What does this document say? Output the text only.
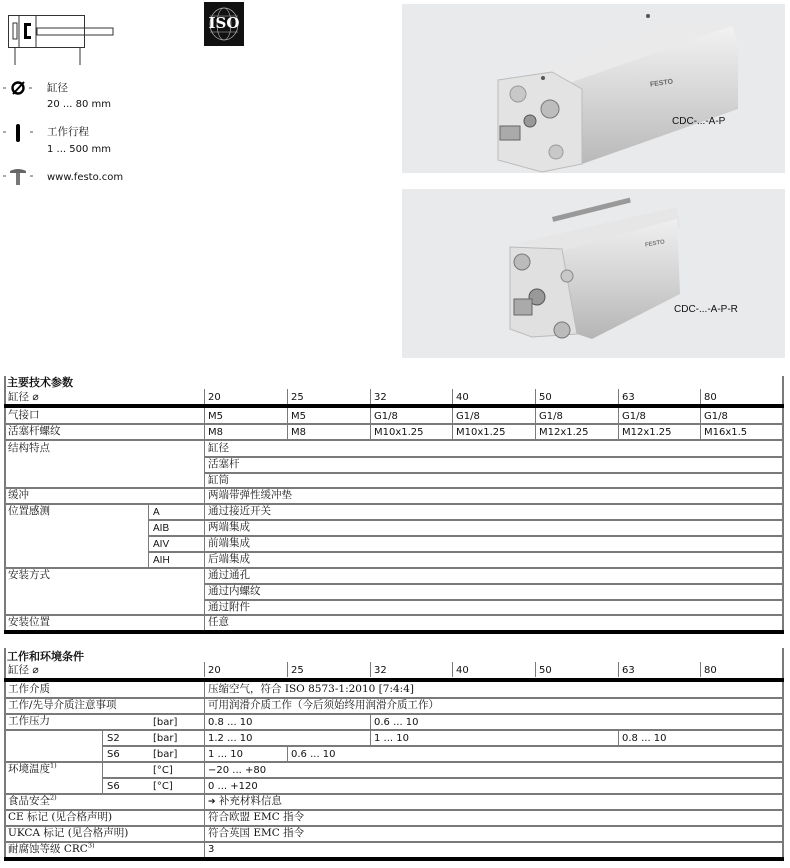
ISO
缸径
20 ... 80 mm
工作行程
1 ... 500 mm
www.festo.com
FESTO
CDC-...-A-P
FESTO
CDC-...-A-P-R
主要技术参数
缸径 ⌀	20	25	32	40	50	63	80
气接口	M5	M5	G1/8	G1/8	G1/8	G1/8	G1/8
活塞杆螺纹	M8	M8	M10x1.25	M10x1.25	M12x1.25	M12x1.25	M16x1.5
结构特点	缸径
活塞杆
缸筒
缓冲	两端带弹性缓冲垫
位置感测	A	通过接近开关
AIB	两端集成
AIV	前端集成
AIH	后端集成
安装方式	通过通孔
通过内螺纹
通过附件
安装位置	任意
工作和环境条件
缸径 ⌀	20	25	32	40	50	63	80
工作介质	压缩空气，符合 ISO 8573-1:2010 [7:4:4]
工作/先导介质注意事项	可用润滑介质工作（今后须始终用润滑介质工作）
工作压力	[bar]	0.8 ... 10	0.6 ... 10
S2	[bar]	1.2 ... 10	1 ... 10	0.8 ... 10
S6	[bar]	1 ... 10	0.6 ... 10
环境温度$^{1)}$	[°C]	−20 ... +80
S6	[°C]	0 ... +120
食品安全$^{2)}$	➔ 补充材料信息
CE 标记 (见合格声明)	符合欧盟 EMC 指令
UKCA 标记 (见合格声明)	符合英国 EMC 指令
耐腐蚀等级 CRC$^{3)}$	3
